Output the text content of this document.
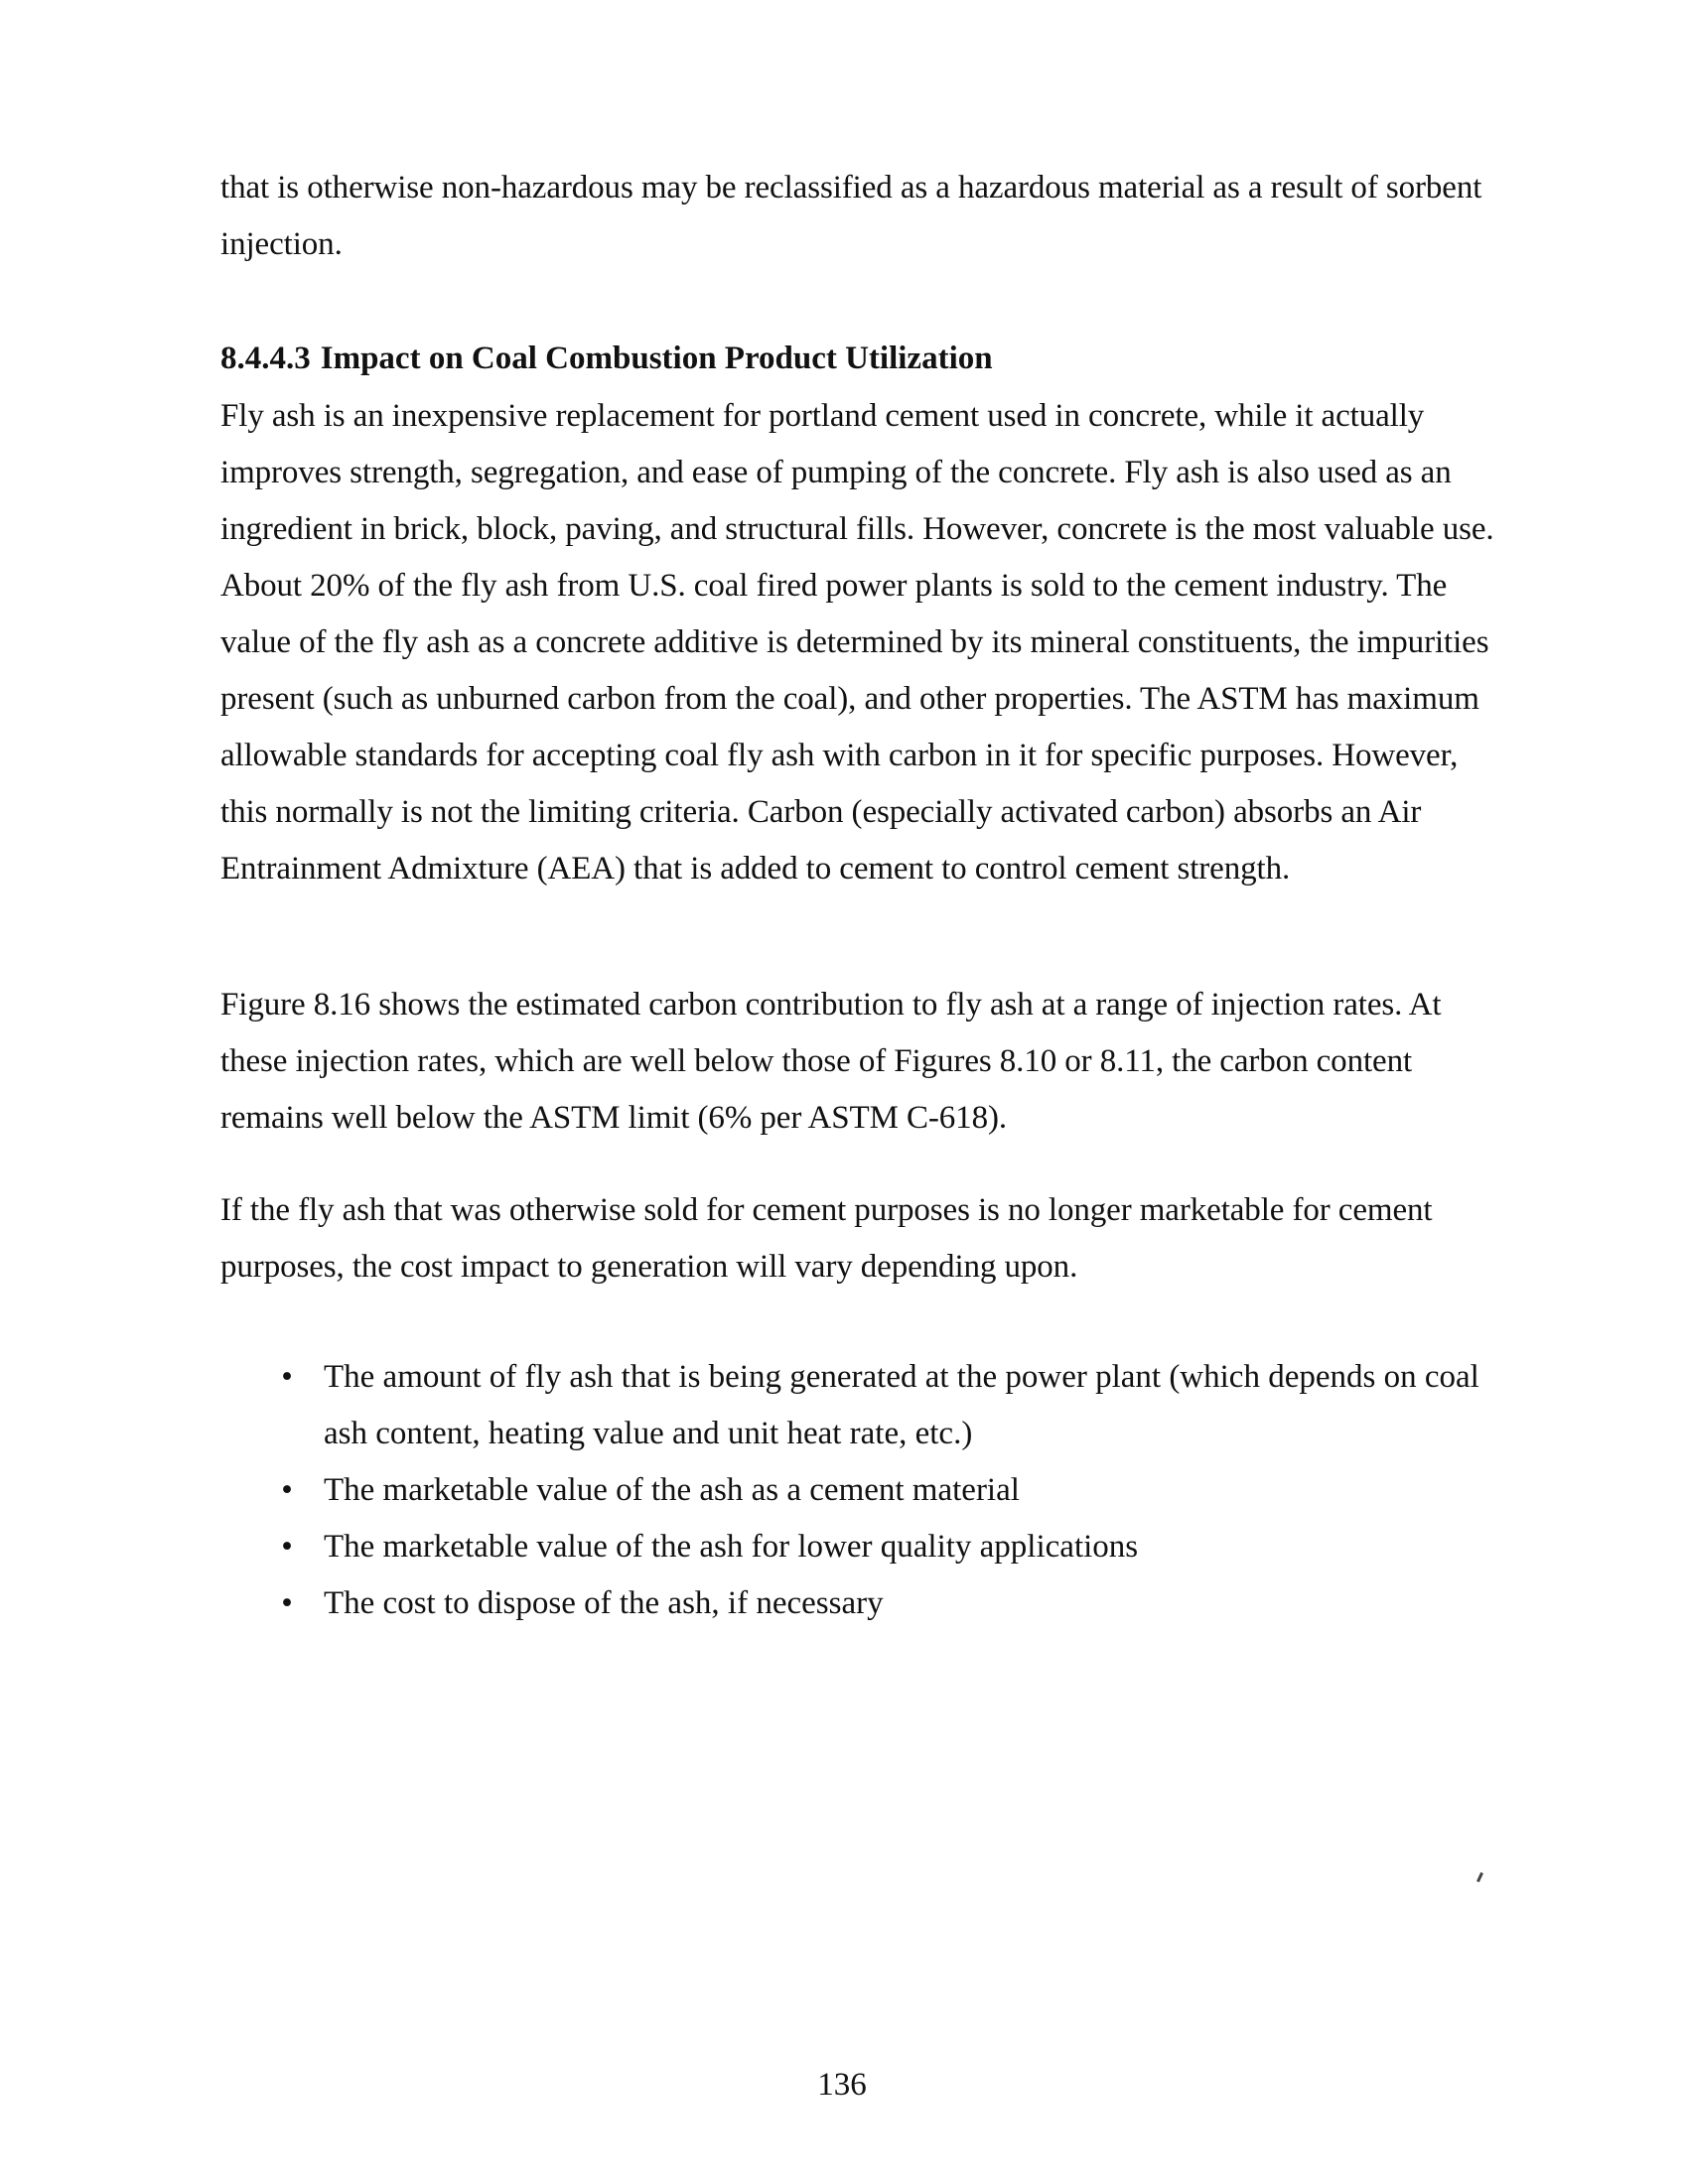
that is otherwise non-hazardous may be reclassified as a hazardous material as a result of sorbent injection.

8.4.4.3 Impact on Coal Combustion Product Utilization

Fly ash is an inexpensive replacement for portland cement used in concrete, while it actually improves strength, segregation, and ease of pumping of the concrete. Fly ash is also used as an ingredient in brick, block, paving, and structural fills. However, concrete is the most valuable use. About 20% of the fly ash from U.S. coal fired power plants is sold to the cement industry. The value of the fly ash as a concrete additive is determined by its mineral constituents, the impurities present (such as unburned carbon from the coal), and other properties. The ASTM has maximum allowable standards for accepting coal fly ash with carbon in it for specific purposes. However, this normally is not the limiting criteria. Carbon (especially activated carbon) absorbs an Air Entrainment Admixture (AEA) that is added to cement to control cement strength.

Figure 8.16 shows the estimated carbon contribution to fly ash at a range of injection rates. At these injection rates, which are well below those of Figures 8.10 or 8.11, the carbon content remains well below the ASTM limit (6% per ASTM C-618).

If the fly ash that was otherwise sold for cement purposes is no longer marketable for cement purposes, the cost impact to generation will vary depending upon.

• The amount of fly ash that is being generated at the power plant (which depends on coal ash content, heating value and unit heat rate, etc.)
• The marketable value of the ash as a cement material
• The marketable value of the ash for lower quality applications
• The cost to dispose of the ash, if necessary
136
